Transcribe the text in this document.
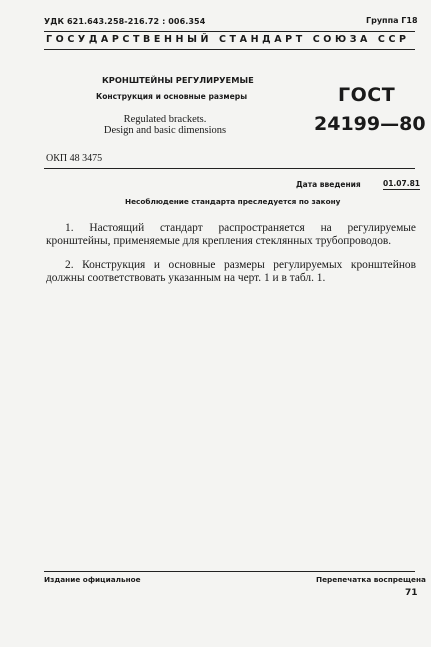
УДК 621.643.258-216.72 : 006.354	Группа Г18
ГОСУДАРСТВЕННЫЙ СТАНДАРТ СОЮЗА ССР
КРОНШТЕЙНЫ РЕГУЛИРУЕМЫЕ
Конструкция и основные размеры
Regulated brackets.
Design and basic dimensions
ГОСТ
24199—80
ОКП 48 3475
Дата введения	01.07.81
Несоблюдение стандарта преследуется по закону
1. Настоящий стандарт распространяется на регулируемые кронштейны, применяемые для крепления стеклянных трубопроводов.
2. Конструкция и основные размеры регулируемых кронштейнов должны соответствовать указанным на черт. 1 и в табл. 1.
Издание официальное	Перепечатка воспрещена
71
